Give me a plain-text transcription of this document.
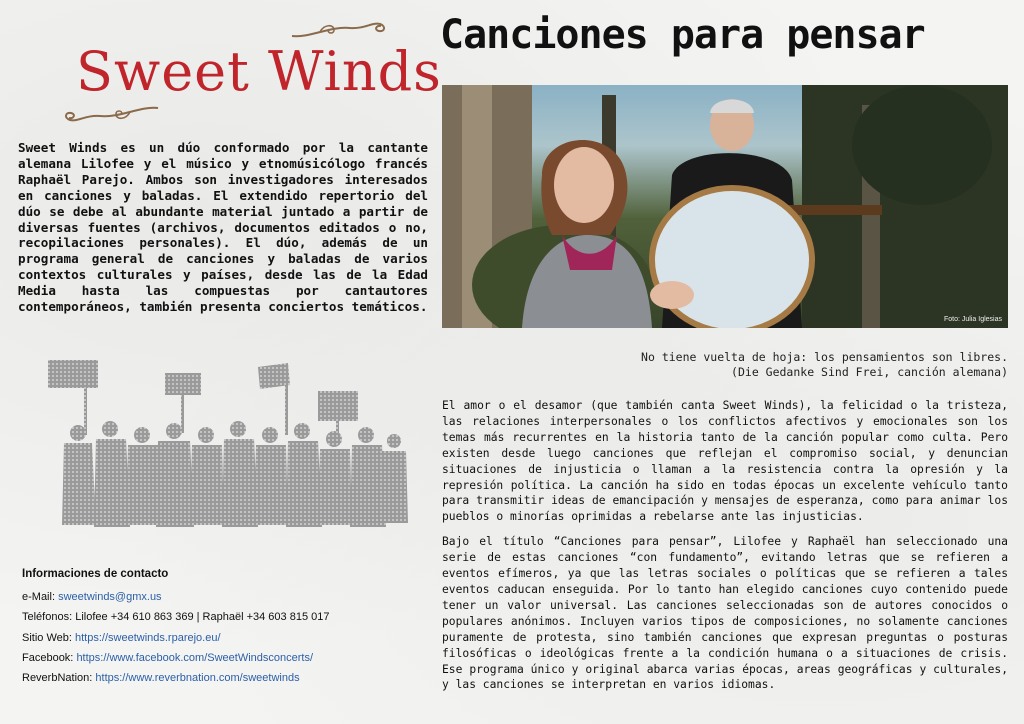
Sweet Winds
Canciones para pensar
Sweet Winds es un dúo conformado por la cantante alemana Lilofee y el músico y etnomúsicólogo francés Raphaël Parejo. Ambos son investigadores interesados en canciones y baladas. El extendido repertorio del dúo se debe al abundante material juntado a partir de diversas fuentes (archivos, documentos editados o no, recopilaciones personales). El dúo, además de un programa general de canciones y baladas de varios contextos culturales y países, desde las de la Edad Media hasta las compuestas por cantautores contemporáneos, también presenta conciertos temáticos.
Foto: Julia Iglesias
No tiene vuelta de hoja: los pensamientos son libres.
(Die Gedanke Sind Frei, canción alemana)

El amor o el desamor (que también canta Sweet Winds), la felicidad o la tristeza, las relaciones interpersonales o los conflictos afectivos y emocionales son los temas más recurrentes en la historia tanto de la canción popular como culta. Pero existen desde luego canciones que reflejan el compromiso social, y denuncian situaciones de injusticia o llaman a la resistencia contra la opresión y la represión política. La canción ha sido en todas épocas un excelente vehículo tanto para transmitir ideas de emancipación y mensajes de esperanza, como para animar los pueblos o minorías oprimidas a rebelarse ante las injusticias.

Bajo el título “Canciones para pensar”, Lilofee y Raphaël han seleccionado una serie de estas canciones “con fundamento”, evitando letras que se refieren a eventos efímeros, ya que las letras sociales o políticas que se refieren a tales eventos caducan enseguida. Por lo tanto han elegido canciones cuyo contenido puede tener un valor universal. Las canciones seleccionadas son de autores conocidos o populares anónimos. Incluyen varios tipos de composiciones, no solamente canciones puramente de protesta, sino también canciones que expresan preguntas o posturas filosóficas o ideológicas frente a la condición humana o a situaciones de crisis. Ese programa único y original abarca varias épocas, areas geográficas y culturales, y las canciones se interpretan en varios idiomas.

Informaciones de contacto
e-Mail: sweetwinds@gmx.us
Teléfonos: Lilofee +34 610 863 369 | Raphaël +34 603 815 017
Sitio Web: https://sweetwinds.rparejo.eu/
Facebook: https://www.facebook.com/SweetWindsconcerts/
ReverbNation: https://www.reverbnation.com/sweetwinds
